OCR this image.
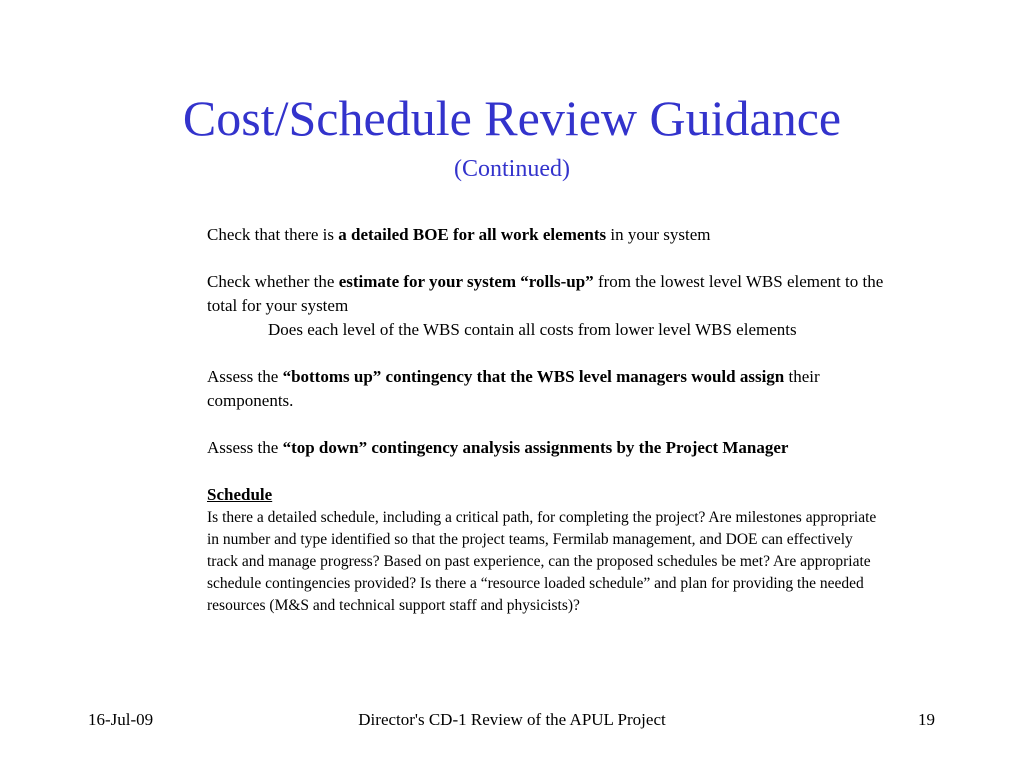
Cost/Schedule Review Guidance
(Continued)

Check that there is a detailed BOE for all work elements in your system

Check whether the estimate for your system “rolls-up” from the lowest level WBS element to the total for your system

Does each level of the WBS contain all costs from lower level WBS elements

Assess the “bottoms up” contingency that the WBS level managers would assign their components.

Assess the “top down” contingency analysis assignments by the Project Manager

Schedule

Is there a detailed schedule, including a critical path, for completing the project? Are milestones appropriate in number and type identified so that the project teams, Fermilab management, and DOE can effectively track and manage progress? Based on past experience, can the proposed schedules be met? Are appropriate schedule contingencies provided? Is there a “resource loaded schedule” and plan for providing the needed resources (M&S and technical support staff and physicists)?

16-Jul-09	Director's CD-1 Review of the APUL Project	19
